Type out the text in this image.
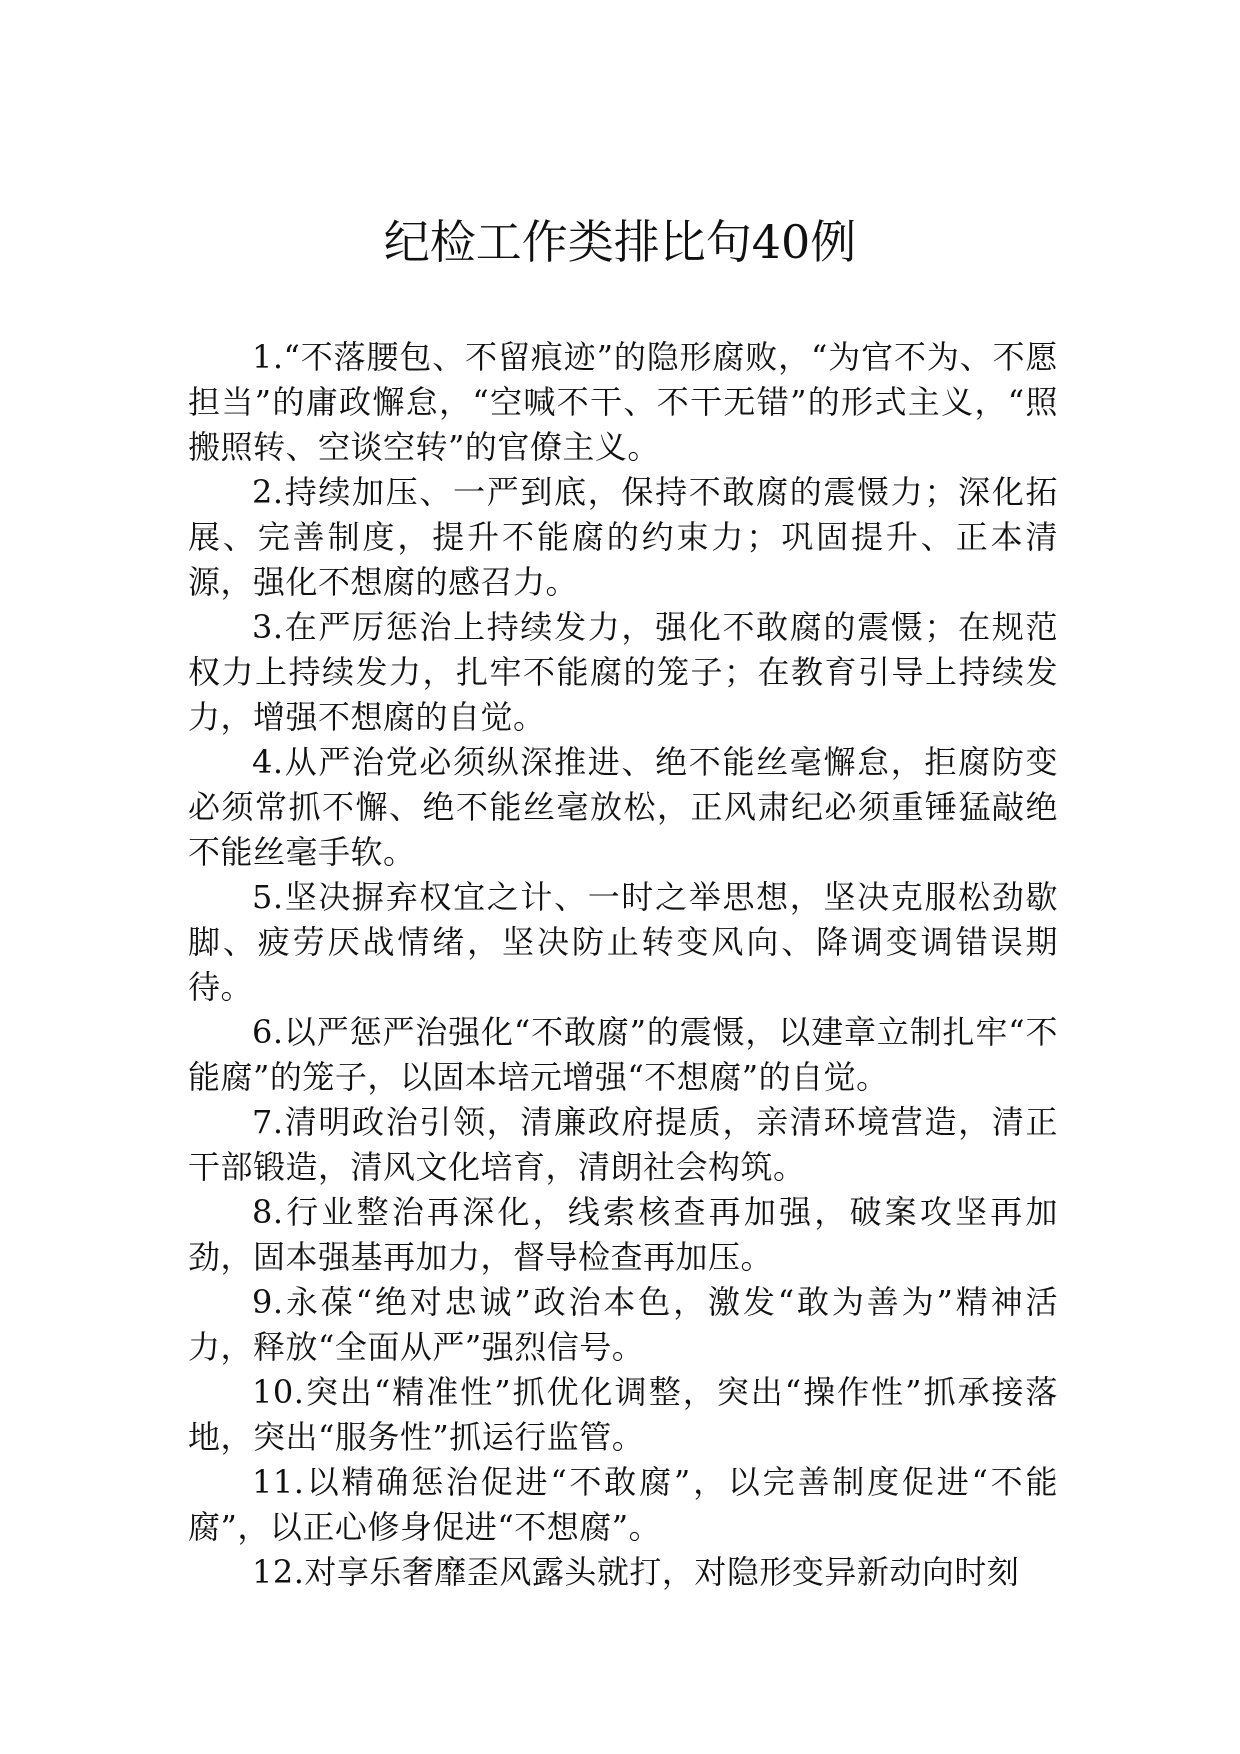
纪检工作类排比句40例

1.“不落腰包、不留痕迹”的隐形腐败，“为官不为、不愿担当”的庸政懈怠，“空喊不干、不干无错”的形式主义，“照搬照转、空谈空转”的官僚主义。

2.持续加压、一严到底，保持不敢腐的震慑力；深化拓展、完善制度，提升不能腐的约束力；巩固提升、正本清源，强化不想腐的感召力。

3.在严厉惩治上持续发力，强化不敢腐的震慑；在规范权力上持续发力，扎牢不能腐的笼子；在教育引导上持续发力，增强不想腐的自觉。

4.从严治党必须纵深推进、绝不能丝毫懈怠，拒腐防变必须常抓不懈、绝不能丝毫放松，正风肃纪必须重锤猛敲绝不能丝毫手软。

5.坚决摒弃权宜之计、一时之举思想，坚决克服松劲歇脚、疲劳厌战情绪，坚决防止转变风向、降调变调错误期待。

6.以严惩严治强化“不敢腐”的震慑，以建章立制扎牢“不能腐”的笼子，以固本培元增强“不想腐”的自觉。

7.清明政治引领，清廉政府提质，亲清环境营造，清正干部锻造，清风文化培育，清朗社会构筑。

8.行业整治再深化，线索核查再加强，破案攻坚再加劲，固本强基再加力，督导检查再加压。

9.永葆“绝对忠诚”政治本色，激发“敢为善为”精神活力，释放“全面从严”强烈信号。

10.突出“精准性”抓优化调整，突出“操作性”抓承接落地，突出“服务性”抓运行监管。

11.以精确惩治促进“不敢腐”，以完善制度促进“不能腐”，以正心修身促进“不想腐”。

12.对享乐奢靡歪风露头就打，对隐形变异新动向时刻
